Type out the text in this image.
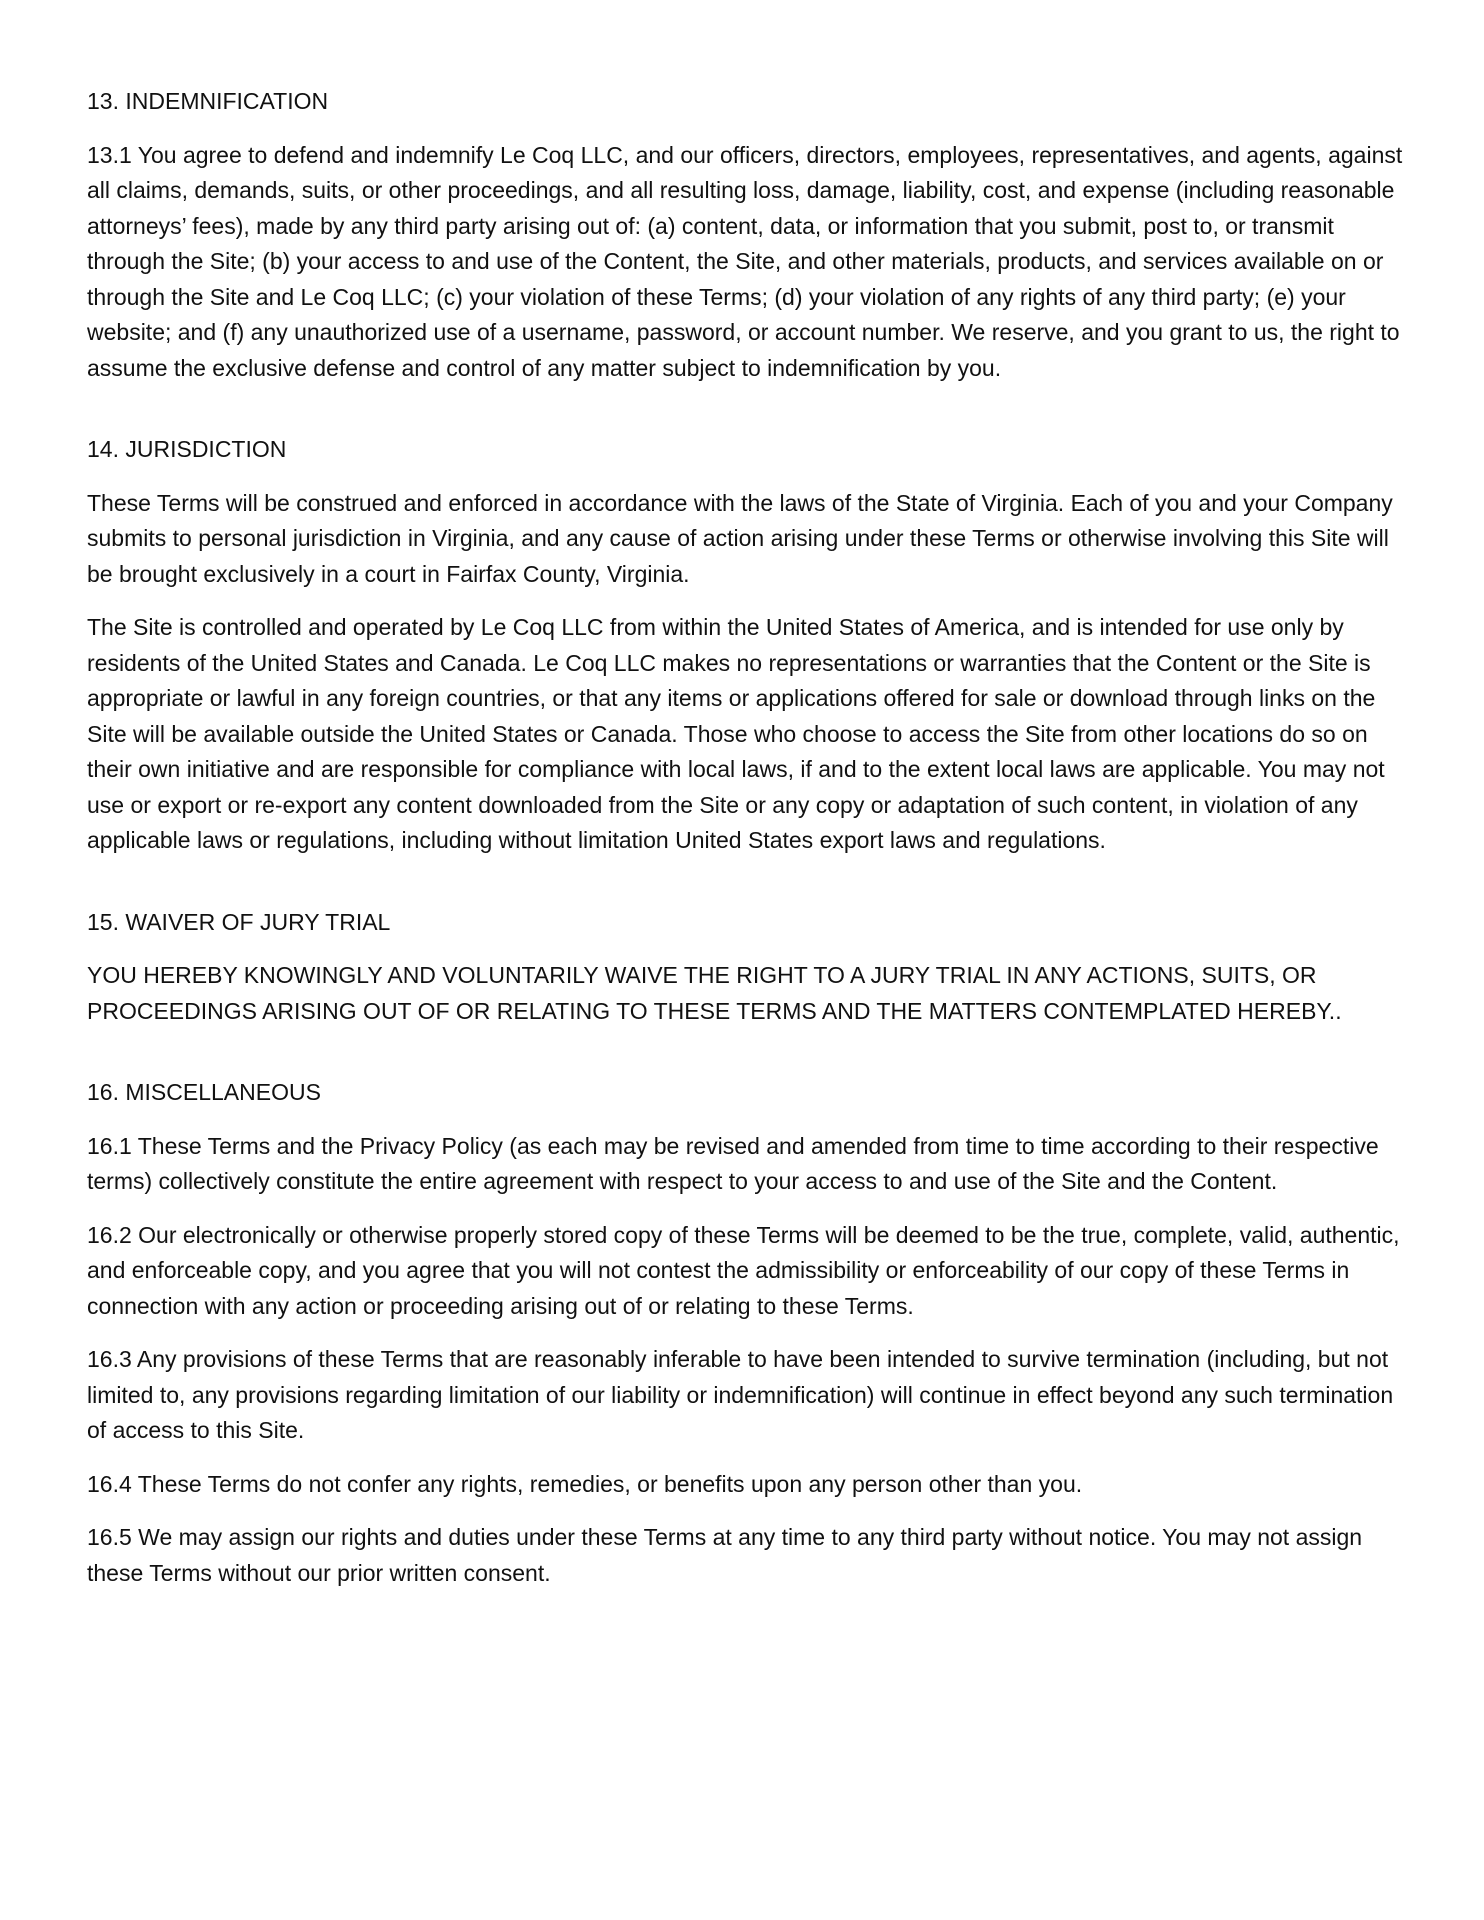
13. INDEMNIFICATION

13.1 You agree to defend and indemnify Le Coq LLC, and our officers, directors, employees, representatives, and agents, against all claims, demands, suits, or other proceedings, and all resulting loss, damage, liability, cost, and expense (including reasonable attorneys’ fees), made by any third party arising out of: (a) content, data, or information that you submit, post to, or transmit through the Site; (b) your access to and use of the Content, the Site, and other materials, products, and services available on or through the Site and Le Coq LLC; (c) your violation of these Terms; (d) your violation of any rights of any third party; (e) your website; and (f) any unauthorized use of a username, password, or account number. We reserve, and you grant to us, the right to assume the exclusive defense and control of any matter subject to indemnification by you.

14. JURISDICTION

These Terms will be construed and enforced in accordance with the laws of the State of Virginia. Each of you and your Company submits to personal jurisdiction in Virginia, and any cause of action arising under these Terms or otherwise involving this Site will be brought exclusively in a court in Fairfax County, Virginia.

The Site is controlled and operated by Le Coq LLC from within the United States of America, and is intended for use only by residents of the United States and Canada. Le Coq LLC makes no representations or warranties that the Content or the Site is appropriate or lawful in any foreign countries, or that any items or applications offered for sale or download through links on the Site will be available outside the United States or Canada. Those who choose to access the Site from other locations do so on their own initiative and are responsible for compliance with local laws, if and to the extent local laws are applicable. You may not use or export or re-export any content downloaded from the Site or any copy or adaptation of such content, in violation of any applicable laws or regulations, including without limitation United States export laws and regulations.

15. WAIVER OF JURY TRIAL

YOU HEREBY KNOWINGLY AND VOLUNTARILY WAIVE THE RIGHT TO A JURY TRIAL IN ANY ACTIONS, SUITS, OR PROCEEDINGS ARISING OUT OF OR RELATING TO THESE TERMS AND THE MATTERS CONTEMPLATED HEREBY..

16. MISCELLANEOUS

16.1 These Terms and the Privacy Policy (as each may be revised and amended from time to time according to their respective terms) collectively constitute the entire agreement with respect to your access to and use of the Site and the Content.

16.2 Our electronically or otherwise properly stored copy of these Terms will be deemed to be the true, complete, valid, authentic, and enforceable copy, and you agree that you will not contest the admissibility or enforceability of our copy of these Terms in connection with any action or proceeding arising out of or relating to these Terms.

16.3 Any provisions of these Terms that are reasonably inferable to have been intended to survive termination (including, but not limited to, any provisions regarding limitation of our liability or indemnification) will continue in effect beyond any such termination of access to this Site.

16.4 These Terms do not confer any rights, remedies, or benefits upon any person other than you.

16.5 We may assign our rights and duties under these Terms at any time to any third party without notice. You may not assign these Terms without our prior written consent.
